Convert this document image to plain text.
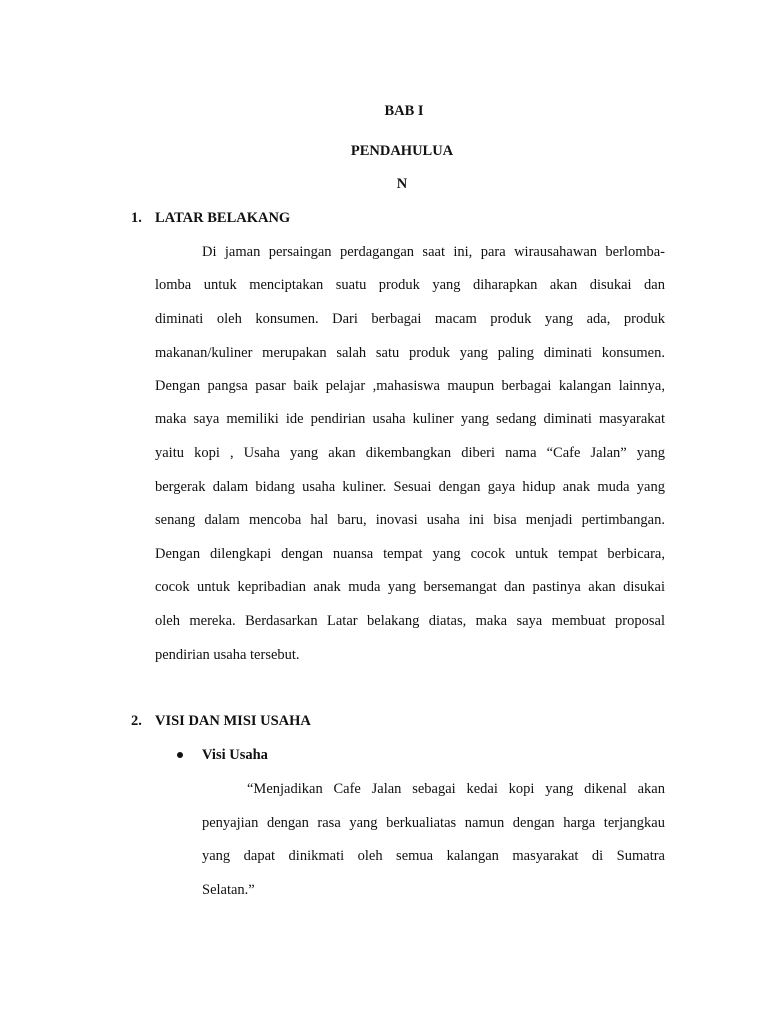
BAB I
PENDAHULUA
N
1. LATAR BELAKANG
Di jaman persaingan perdagangan saat ini, para wirausahawan berlomba-
lomba untuk menciptakan suatu produk yang diharapkan akan disukai dan
diminati oleh konsumen. Dari berbagai macam produk yang ada, produk
makanan/kuliner merupakan salah satu produk yang paling diminati konsumen.
Dengan pangsa pasar baik pelajar ,mahasiswa maupun berbagai kalangan lainnya,
maka saya memiliki ide pendirian usaha kuliner yang sedang diminati masyarakat
yaitu kopi , Usaha yang akan dikembangkan diberi nama “Cafe Jalan” yang
bergerak dalam bidang usaha kuliner. Sesuai dengan gaya hidup anak muda yang
senang dalam mencoba hal baru, inovasi usaha ini bisa menjadi pertimbangan.
Dengan dilengkapi dengan nuansa tempat yang cocok untuk tempat berbicara,
cocok untuk kepribadian anak muda yang bersemangat dan pastinya akan disukai
oleh mereka. Berdasarkan Latar belakang diatas, maka saya membuat proposal
pendirian usaha tersebut.
2. VISI DAN MISI USAHA
Visi Usaha
“Menjadikan Cafe Jalan sebagai kedai kopi yang dikenal akan
penyajian dengan rasa yang berkualiatas namun dengan harga terjangkau
yang dapat dinikmati oleh semua kalangan masyarakat di Sumatra
Selatan.”
